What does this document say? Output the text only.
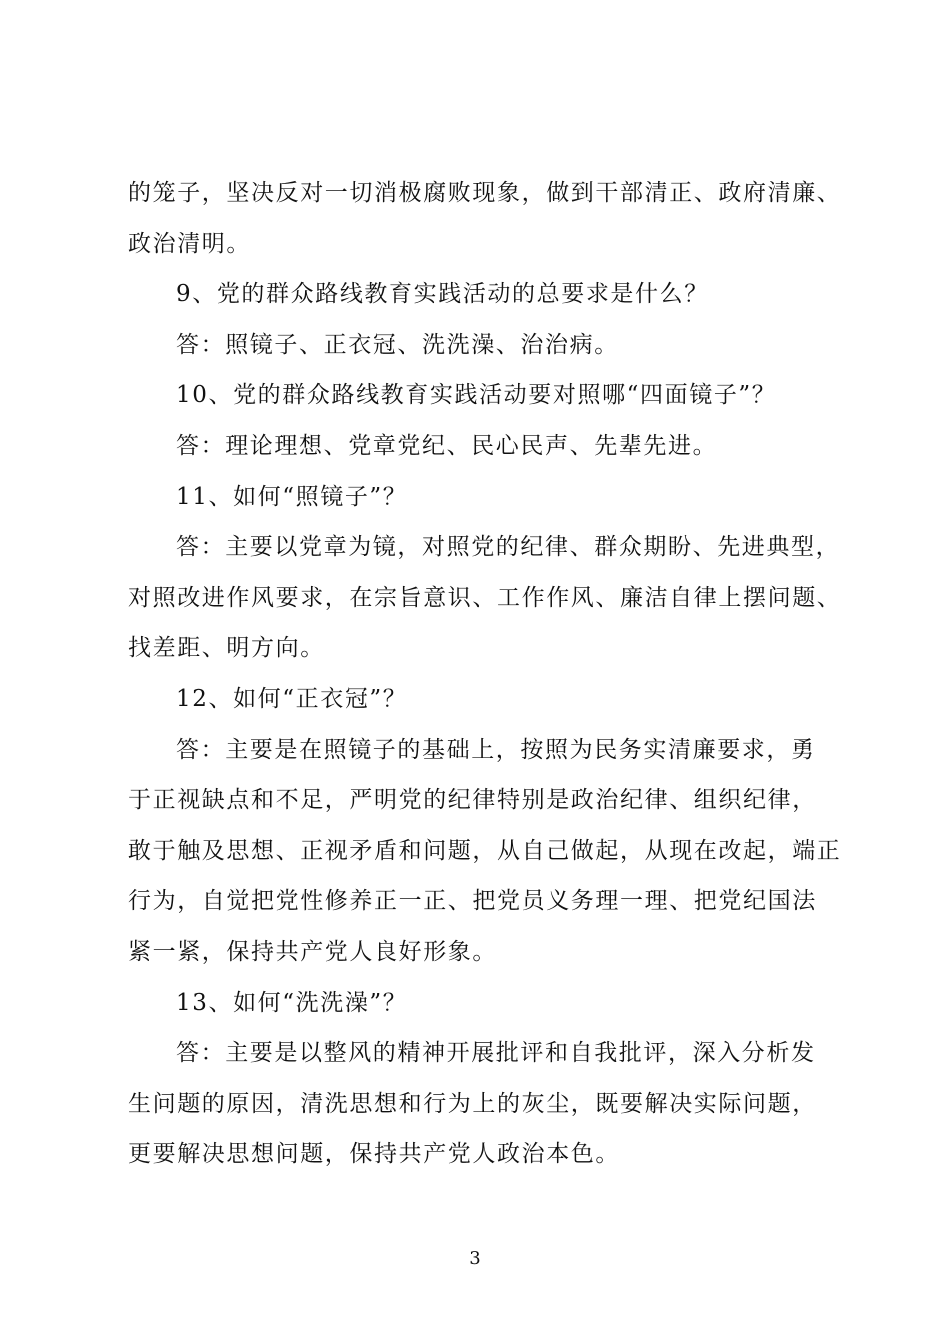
的笼子，坚决反对一切消极腐败现象，做到干部清正、政府清廉、

政治清明。

9、党的群众路线教育实践活动的总要求是什么？

答：照镜子、正衣冠、洗洗澡、治治病。

10、党的群众路线教育实践活动要对照哪“四面镜子”？

答：理论理想、党章党纪、民心民声、先辈先进。

11、如何“照镜子”？

答：主要以党章为镜，对照党的纪律、群众期盼、先进典型，

对照改进作风要求，在宗旨意识、工作作风、廉洁自律上摆问题、

找差距、明方向。

12、如何“正衣冠”？

答：主要是在照镜子的基础上，按照为民务实清廉要求，勇

于正视缺点和不足，严明党的纪律特别是政治纪律、组织纪律，

敢于触及思想、正视矛盾和问题，从自己做起，从现在改起，端正

行为，自觉把党性修养正一正、把党员义务理一理、把党纪国法

紧一紧，保持共产党人良好形象。

13、如何“洗洗澡”？

答：主要是以整风的精神开展批评和自我批评，深入分析发

生问题的原因，清洗思想和行为上的灰尘，既要解决实际问题，

更要解决思想问题，保持共产党人政治本色。

3
